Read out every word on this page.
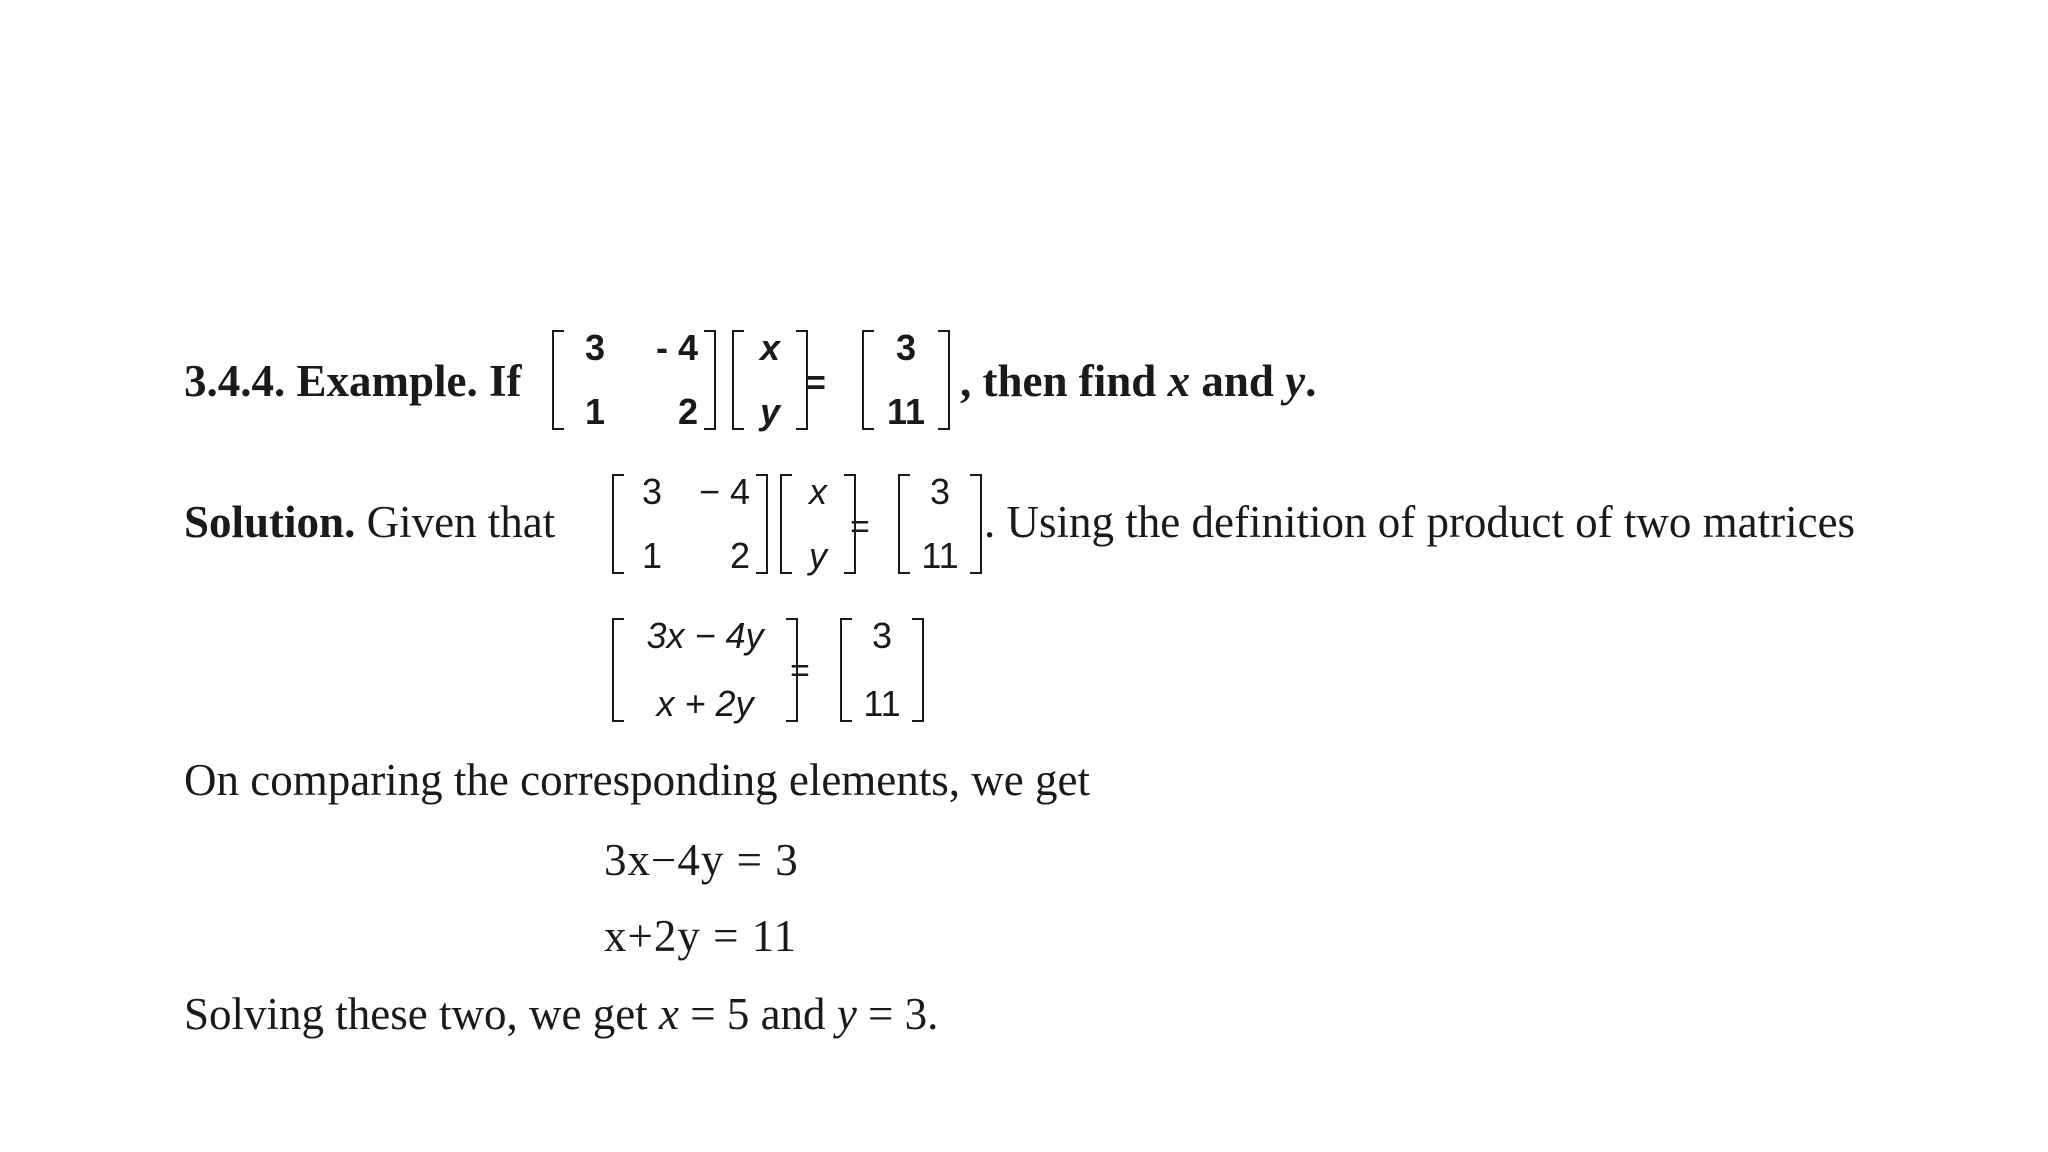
3.4.4. Example. If
3	- 4
1	2
x
y
=
3
11
, then find x and y.
Solution. Given that
3	− 4
1	2
x
y
=
3
11
. Using the definition of product of two matrices
3x − 4y
x + 2y
=
3
11
On comparing the corresponding elements, we get
3x−4y = 3
x+2y = 11
Solving these two, we get x = 5 and y = 3.
